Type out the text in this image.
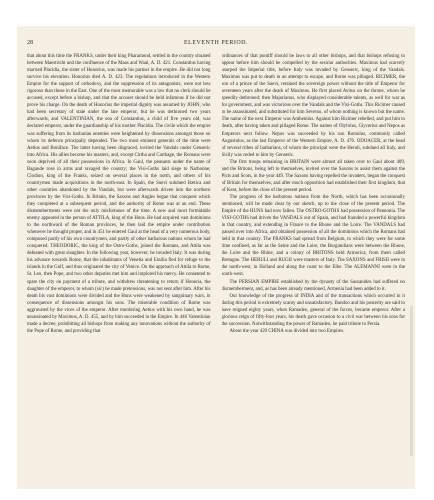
28	ELEVENTH PERIOD.

that about this time the FRANKS, under their king Pharamond, settled in the country situated between Maestricht and the confluence of the Maas and Waal, A. D. 421. Constantius having married Placidia, the sister of Honorius, was made his partner in the empire. He did not long survive his elevation. Honorius died A. D. 423. The regulations introduced in the Western Empire for the support of orthodoxy, and the suppression of its antagonists, were not less rigorous than those in the East. One of the most memorable was a law that no clerk should be accused, except before a bishop, and that the accuser should be held infamous if he did not prove his charge. On the death of Honorius the imperial dignity was assumed by JOHN, who had been secretary of state under the late emperor, but he was dethroned two years afterwards, and VALENTINIAN, the son of Constantius, a child of five years old, was declared emperor, under the guardianship of his mother Placidia. The civile which the empire was suffering from its barbarian enemies were heightened by dissensions amongst those on whom its defence principally depended. The two most eminent generals of the time were Aetius and Boniface. The latter having been disgraced, invited the Vandals under Genseric into Africa. His allies become his masters, and, except Cirtha and Carthage, the Romans were soon deprived of all their possessions in Africa. In Gaul, the peasants under the name of Bagaude rose in arms and ravaged the country; the Visi-Goths laid siege to Narbonne; Clodion, king of the Franks, seized on several places in the north, and others of his countrymen made acquisitions in the north-east. In Spain, the Suevi subdued Bætica and other countries abandoned by the Vandals, but were afterwards driven into the northern provinces by the Visi-Goths. In Britain, the Saxons and Angles began that conquest which they completed at a subsequent period, and the authority of Rome was at an end. These dismemberments were not the only misfortunes of the time. A new and most formidable enemy appeared in the person of ATTILA, king of the Huns. He had acquired vast dominions to the northward of the Roman provinces, he then laid the empire under contribution whenever he thought proper, and in 451 he entered Gaul at the head of a very numerous body, composed partly of his own countrymen, and partly of other barbarous nations whom he had conquered. THEODORIC, the king of the Ostro-Goths, joined the Romans, and Attila was defeated with great slaughter. In the following year, however, he invaded Italy. It was during his advance towards Rome, that the inhabitants of Venetia and Emilia fled for refuge to the islands in the Gulf, and thus originated the city of Venice. On the approach of Attila to Rome, St. Leo, then Pope, and two other deputies met him and implored his mercy. He consented to spare the city on payment of a tribute, and withdrew threatening to return if Honoria, the daughter of the emperor, to whom (sic) he made pretensions, was not sent after him. After his death his vast dominions were divided and the Huns were weakened by sanguinary wars, in consequence of dissensions amongst his sons. The miserable condition of Rome was aggravated by the vices of the emperor. After murdering Aetius with his own hand, he was assassinated by Maximus, A. D. 455, and by him succeeded in the Empire. In 446 Valentinian made a decree, prohibiting all bishops from making any innovations without the authority of the Pope of Rome, and providing that

ordinances of that pontiff should be laws to all other bishops, and that bishops refusing to appear before him should be compelled by the secular authorities. Maximus had scarcely usurped the Imperial title, before Italy was invaded by Genseric, king of the Vandals. Maximus was put to death in an attempt to escape, and Rome was pillaged. RICIMER, the son of a prince of the Suevi, retained the sovereign power without the title of Emperor for seventeen years after the death of Maximus. He first placed Avitus on the throne, whom he speedily dethroned; then Majorianus, who displayed considerable talents, as well for war as for government, and was victorious over the Vandals and the Visi-Goths. This Ricimer caused to be assassinated, and substituted for him Severus, of whom nothing is known but the name. The name of the next Emperor was Anthemius. Against him Ricimer rebelled, and put him to death, after having taken and pillaged Rome. The names of Olybrius, Glycerius and Nepos as Emperors next follow. Nepos was succeeded by his son Romulus, commonly called Augustulus, as the last Emperor of the Western Empire, A. D. 476. ODOACER, at the head of several tribes of barbarians, of whom the principal were the Heruli, subdued all Italy, and Sicily was ceded to him by Genseric.

The first troops remaining in BRITAIN were almost all taken over to Gaul about 409, and the Britons, being left to themselves, invited over the Saxons to assist them against the Picts and Scots, in the year 449. The Saxons having repelled the invaders, began the conquest of Britain for themselves, and after much opposition had established their first kingdom, that of Kent, before the close of the present period.

The progress of the barbarous nations from the North, which has been occasionally mentioned, will be made clear by our sketch, up to the close of the present period. The Empire of the HUNS had now fallen. The OSTRO-GOTHS had possession of Pannonia. The VISI-GOTHS had driven the VANDALS out of Spain, and had founded a powerful kingdom in that country, and extending in France to the Rhone and the Loire. The VANDALS had passed over into Africa, and obtained possession of all the dominions which the Romans had held in that country. The FRANKS had spread from Belgium, to which they were for some time confined, as far as the Seine and the Loire, the Burgundians were between the Rhone, the Loire and the Rhine, and a colony of BRITONS held Armorica, from them called Bretagne. The HERULI and RUGII were masters of Italy. The SAXONS and FRISII were in the north-west, in Holland and along the coast to the Elbe. The ALEMANNI were in the south-west.

The PERSIAN EMPIRE established by the dynasty of the Sassanides had suffered no dismemberment, and, as has been already mentioned, Armenia had been added to it.

Our knowledge of the progress of INDIA and of the transactions which occurred in it during this period is extremely scanty and unsatisfactory. Bandoo and his posterity are said to have reigned eighty years, when Ramadeo, general of the forces, became emperor. After a glorious reign of fifty-four years, his death gave occasion to a civil war between his sons for the succession. Notwithstanding the power of Ramadeo, he paid tribute to Persia.

About the year 420 CHINA was divided into two Empires.
